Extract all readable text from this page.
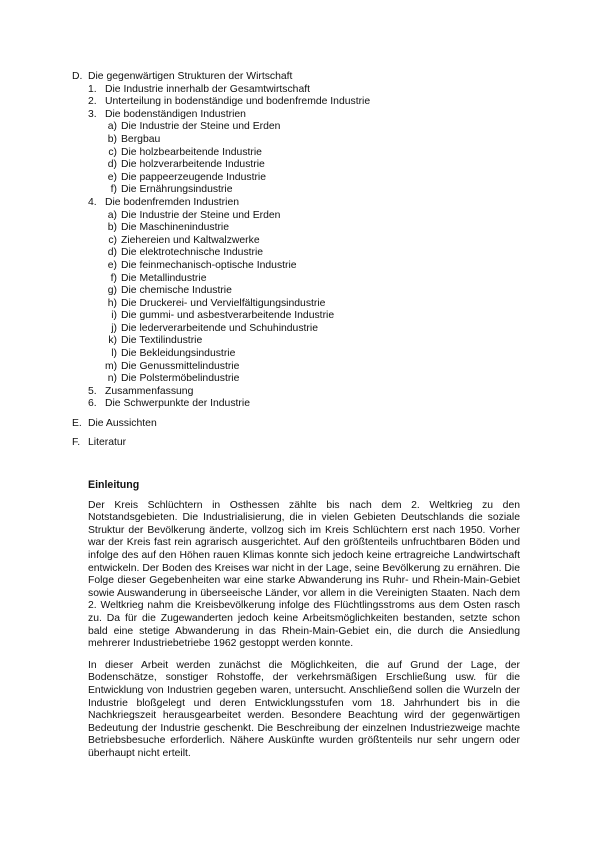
D. Die gegenwärtigen Strukturen der Wirtschaft
1. Die Industrie innerhalb der Gesamtwirtschaft
2. Unterteilung in bodenständige und bodenfremde Industrie
3. Die bodenständigen Industrien
a) Die Industrie der Steine und Erden
b) Bergbau
c) Die holzbearbeitende Industrie
d) Die holzverarbeitende Industrie
e) Die pappeerzeugende Industrie
f) Die Ernährungsindustrie
4. Die bodenfremden Industrien
a) Die Industrie der Steine und Erden
b) Die Maschinenindustrie
c) Ziehereien und Kaltwalzwerke
d) Die elektrotechnische Industrie
e) Die feinmechanisch-optische Industrie
f) Die Metallindustrie
g) Die chemische Industrie
h) Die Druckerei- und Vervielfältigungsindustrie
i) Die gummi- und asbestverarbeitende Industrie
j) Die lederverarbeitende und Schuhindustrie
k) Die Textilindustrie
l) Die Bekleidungsindustrie
m) Die Genussmittelindustrie
n) Die Polstermöbelindustrie
5. Zusammenfassung
6. Die Schwerpunkte der Industrie
E. Die Aussichten
F. Literatur
Einleitung

Der Kreis Schlüchtern in Osthessen zählte bis nach dem 2. Weltkrieg zu den Notstandsgebieten. Die Industrialisierung, die in vielen Gebieten Deutschlands die soziale Struktur der Bevölkerung änderte, vollzog sich im Kreis Schlüchtern erst nach 1950. Vorher war der Kreis fast rein agrarisch ausgerichtet. Auf den größtenteils unfruchtbaren Böden und infolge des auf den Höhen rauen Klimas konnte sich jedoch keine ertragreiche Landwirtschaft entwickeln. Der Boden des Kreises war nicht in der Lage, seine Bevölkerung zu ernähren. Die Folge dieser Gegebenheiten war eine starke Abwanderung ins Ruhr- und Rhein-Main-Gebiet sowie Auswanderung in überseeische Länder, vor allem in die Vereinigten Staaten. Nach dem 2. Weltkrieg nahm die Kreisbevölkerung infolge des Flüchtlingsstroms aus dem Osten rasch zu. Da für die Zugewanderten jedoch keine Arbeitsmöglichkeiten bestanden, setzte schon bald eine stetige Abwanderung in das Rhein-Main-Gebiet ein, die durch die Ansiedlung mehrerer Industriebetriebe 1962 gestoppt werden konnte.

In dieser Arbeit werden zunächst die Möglichkeiten, die auf Grund der Lage, der Bodenschätze, sonstiger Rohstoffe, der verkehrsmäßigen Erschließung usw. für die Entwicklung von Industrien gegeben waren, untersucht. Anschließend sollen die Wurzeln der Industrie bloßgelegt und deren Entwicklungsstufen vom 18. Jahrhundert bis in die Nachkriegszeit herausgearbeitet werden. Besondere Beachtung wird der gegenwärtigen Bedeutung der Industrie geschenkt. Die Beschreibung der einzelnen Industriezweige machte Betriebsbesuche erforderlich. Nähere Auskünfte wurden größtenteils nur sehr ungern oder überhaupt nicht erteilt.
